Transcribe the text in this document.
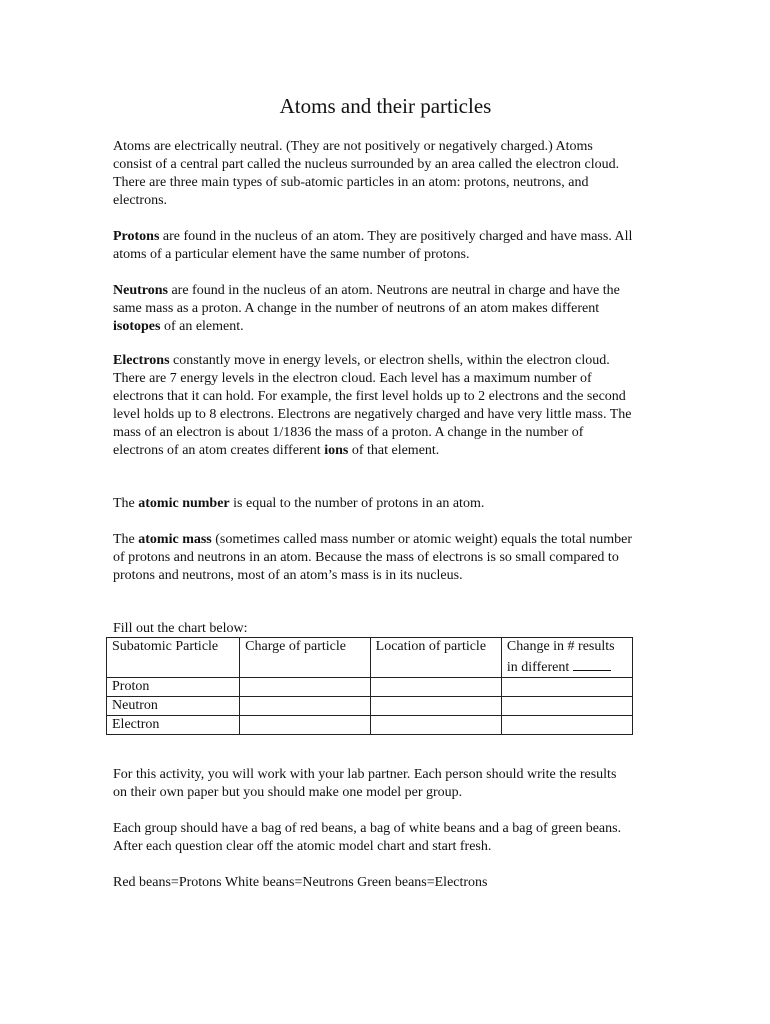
Atoms and their particles

Atoms are electrically neutral. (They are not positively or negatively charged.) Atoms consist of a central part called the nucleus surrounded by an area called the electron cloud. There are three main types of sub-atomic particles in an atom: protons, neutrons, and electrons.

Protons are found in the nucleus of an atom. They are positively charged and have mass. All atoms of a particular element have the same number of protons.

Neutrons are found in the nucleus of an atom. Neutrons are neutral in charge and have the same mass as a proton. A change in the number of neutrons of an atom makes different isotopes of an element.

Electrons constantly move in energy levels, or electron shells, within the electron cloud. There are 7 energy levels in the electron cloud. Each level has a maximum number of electrons that it can hold. For example, the first level holds up to 2 electrons and the second level holds up to 8 electrons. Electrons are negatively charged and have very little mass. The mass of an electron is about 1/1836 the mass of a proton. A change in the number of electrons of an atom creates different ions of that element.

The atomic number is equal to the number of protons in an atom.

The atomic mass (sometimes called mass number or atomic weight) equals the total number of protons and neutrons in an atom. Because the mass of electrons is so small compared to protons and neutrons, most of an atom’s mass is in its nucleus.

Fill out the chart below:

Subatomic Particle	Charge of particle	Location of particle	Change in # results in different
Proton			
Neutron			
Electron			

For this activity, you will work with your lab partner. Each person should write the results on their own paper but you should make one model per group.

Each group should have a bag of red beans, a bag of white beans and a bag of green beans. After each question clear off the atomic model chart and start fresh.

Red beans=Protons White beans=Neutrons Green beans=Electrons
